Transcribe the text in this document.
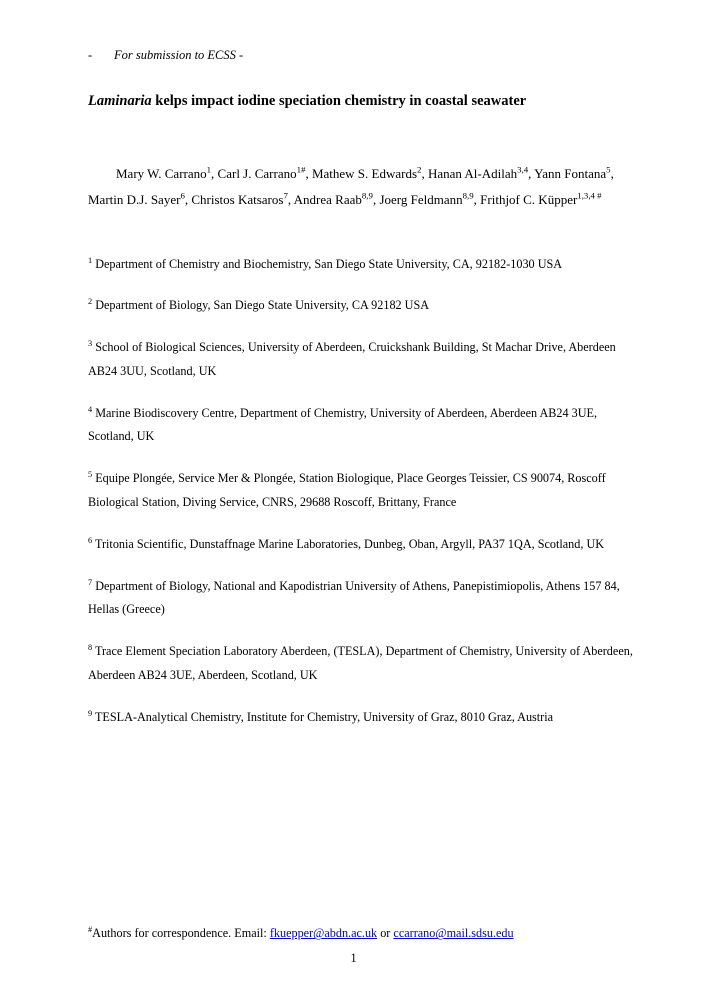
- For submission to ECSS -

Laminaria kelps impact iodine speciation chemistry in coastal seawater

Mary W. Carrano$^1$, Carl J. Carrano$^{1\#}$, Mathew S. Edwards$^2$, Hanan Al-Adilah$^{3,4}$, Yann Fontana$^5$, Martin D.J. Sayer$^6$, Christos Katsaros$^7$, Andrea Raab$^{8,9}$, Joerg Feldmann$^{8,9}$, Frithjof C. Küpper$^{1,3,4 \#}$

$^1$ Department of Chemistry and Biochemistry, San Diego State University, CA, 92182-1030 USA

$^2$ Department of Biology, San Diego State University, CA 92182 USA

$^3$ School of Biological Sciences, University of Aberdeen, Cruickshank Building, St Machar Drive, Aberdeen AB24 3UU, Scotland, UK

$^4$ Marine Biodiscovery Centre, Department of Chemistry, University of Aberdeen, Aberdeen AB24 3UE, Scotland, UK

$^5$ Equipe Plongée, Service Mer & Plongée, Station Biologique, Place Georges Teissier, CS 90074, Roscoff Biological Station, Diving Service, CNRS, 29688 Roscoff, Brittany, France

$^6$ Tritonia Scientific, Dunstaffnage Marine Laboratories, Dunbeg, Oban, Argyll, PA37 1QA, Scotland, UK

$^7$ Department of Biology, National and Kapodistrian University of Athens, Panepistimiopolis, Athens 157 84, Hellas (Greece)

$^8$ Trace Element Speciation Laboratory Aberdeen, (TESLA), Department of Chemistry, University of Aberdeen, Aberdeen AB24 3UE, Aberdeen, Scotland, UK

$^9$ TESLA-Analytical Chemistry, Institute for Chemistry, University of Graz, 8010 Graz, Austria

#Authors for correspondence. Email: fkuepper@abdn.ac.uk or ccarrano@mail.sdsu.edu

1
